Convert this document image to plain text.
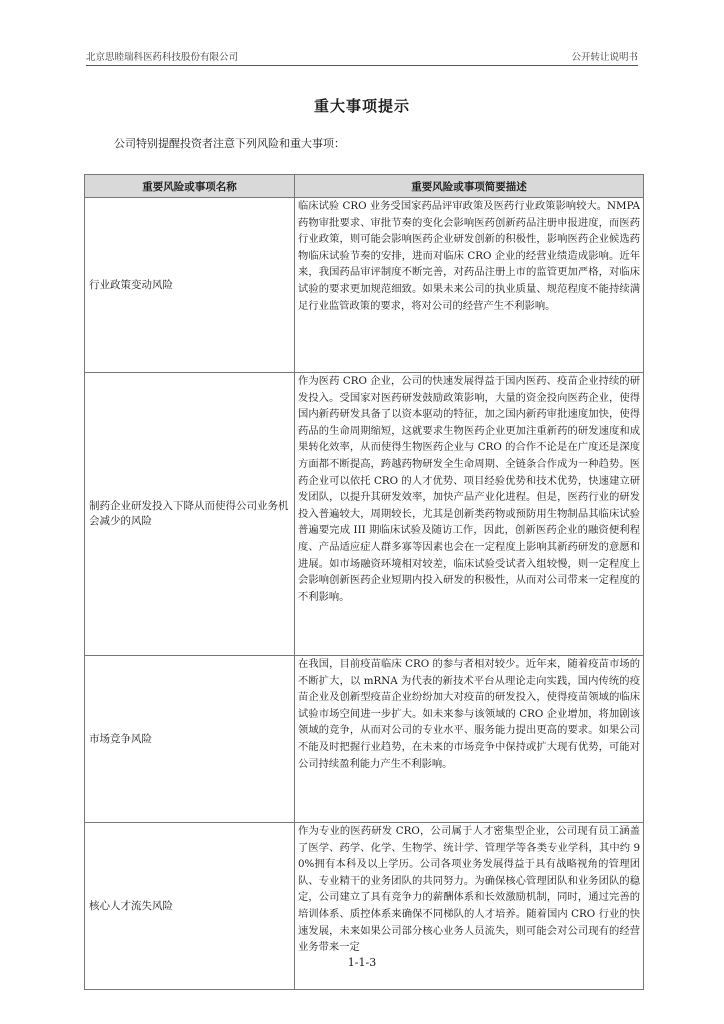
北京思睦瑞科医药科技股份有限公司	公开转让说明书
重大事项提示
公司特别提醒投资者注意下列风险和重大事项：
重要风险或事项名称	重要风险或事项简要描述
行业政策变动风险	临床试验 CRO 业务受国家药品评审政策及医药行业政策影响较大。NMPA 药物审批要求、审批节奏的变化会影响医药创新药品注册申报进度，而医药行业政策，则可能会影响医药企业研发创新的积极性，影响医药企业候选药物临床试验节奏的安排，进而对临床 CRO 企业的经营业绩造成影响。近年来，我国药品审评制度不断完善，对药品注册上市的监管更加严格，对临床试验的要求更加规范细致。如果未来公司的执业质量、规范程度不能持续满足行业监管政策的要求，将对公司的经营产生不利影响。
制药企业研发投入下降从而使得公司业务机会减少的风险	作为医药 CRO 企业，公司的快速发展得益于国内医药、疫苗企业持续的研发投入。受国家对医药研发鼓励政策影响，大量的资金投向医药企业，使得国内新药研发具备了以资本驱动的特征，加之国内新药审批速度加快，使得药品的生命周期缩短，这就要求生物医药企业更加注重新药的研发速度和成果转化效率，从而使得生物医药企业与 CRO 的合作不论是在广度还是深度方面都不断提高，跨越药物研发全生命周期、全链条合作成为一种趋势。医药企业可以依托 CRO 的人才优势、项目经验优势和技术优势，快速建立研发团队，以提升其研发效率，加快产品产业化进程。但是，医药行业的研发投入普遍较大，周期较长，尤其是创新类药物或预防用生物制品其临床试验普遍要完成 III 期临床试验及随访工作，因此，创新医药企业的融资便利程度、产品适应症人群多寡等因素也会在一定程度上影响其新药研发的意愿和进展。如市场融资环境相对较差，临床试验受试者入组较慢，则一定程度上会影响创新医药企业短期内投入研发的积极性，从而对公司带来一定程度的不利影响。
市场竞争风险	在我国，目前疫苗临床 CRO 的参与者相对较少。近年来，随着疫苗市场的不断扩大，以 mRNA 为代表的新技术平台从理论走向实践，国内传统的疫苗企业及创新型疫苗企业纷纷加大对疫苗的研发投入，使得疫苗领域的临床试验市场空间进一步扩大。如未来参与该领域的 CRO 企业增加，将加剧该领域的竞争，从而对公司的专业水平、服务能力提出更高的要求。如果公司不能及时把握行业趋势，在未来的市场竞争中保持或扩大现有优势，可能对公司持续盈利能力产生不利影响。
核心人才流失风险	作为专业的医药研发 CRO，公司属于人才密集型企业，公司现有员工涵盖了医学、药学、化学、生物学、统计学、管理学等各类专业学科，其中约 90%拥有本科及以上学历。公司各项业务发展得益于具有战略视角的管理团队、专业精干的业务团队的共同努力。为确保核心管理团队和业务团队的稳定，公司建立了具有竞争力的薪酬体系和长效激励机制，同时，通过完善的培训体系、质控体系来确保不同梯队的人才培养。随着国内 CRO 行业的快速发展，未来如果公司部分核心业务人员流失，则可能会对公司现有的经营业务带来一定
1-1-3
